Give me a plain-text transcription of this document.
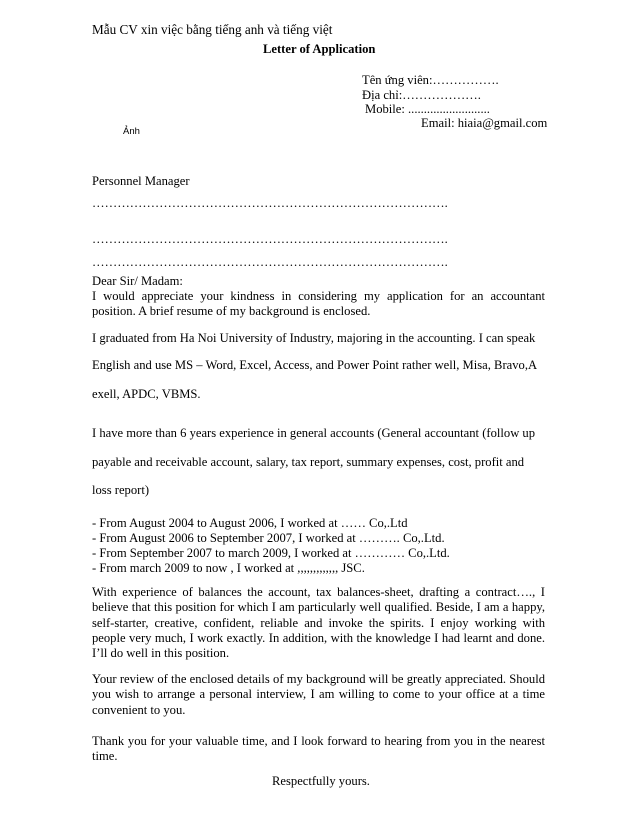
Mẫu CV xin việc bằng tiếng anh và tiếng việt
Letter of Application
Tên ứng viên:…………….
Địa chỉ:……………….
Mobile: ..........................
Email: hiaia@gmail.com
Ảnh
Personnel Manager
………………………………………………………………………….
………………………………………………………………………….
………………………………………………………………………….
Dear Sir/ Madam:
I would appreciate your kindness in considering my application for an accountant position. A brief resume of my background is enclosed.
I graduated from Ha Noi University of Industry, majoring in the accounting. I can speak
English and use MS – Word, Excel, Access, and Power Point rather well, Misa, Bravo,A
exell, APDC, VBMS.
I have more than 6 years experience in general accounts (General accountant (follow up
payable and receivable account, salary, tax report, summary expenses, cost, profit and
loss report)
- From August 2004 to August 2006, I worked at …… Co,.Ltd
- From August 2006 to September 2007, I worked at ………. Co,.Ltd.
- From September 2007 to march 2009, I worked at ………… Co,.Ltd.
- From march 2009 to now , I worked at ,,,,,,,,,,,,, JSC.
With experience of balances the account, tax balances-sheet, drafting a contract…., I believe that this position for which I am particularly well qualified. Beside, I am a happy, self-starter, creative, confident, reliable and invoke the spirits. I enjoy working with people very much, I work exactly. In addition, with the knowledge I had learnt and done. I’ll do well in this position.
Your review of the enclosed details of my background will be greatly appreciated. Should you wish to arrange a personal interview, I am willing to come to your office at a time convenient to you.
Thank you for your valuable time, and I look forward to hearing from you in the nearest time.
Respectfully yours.
